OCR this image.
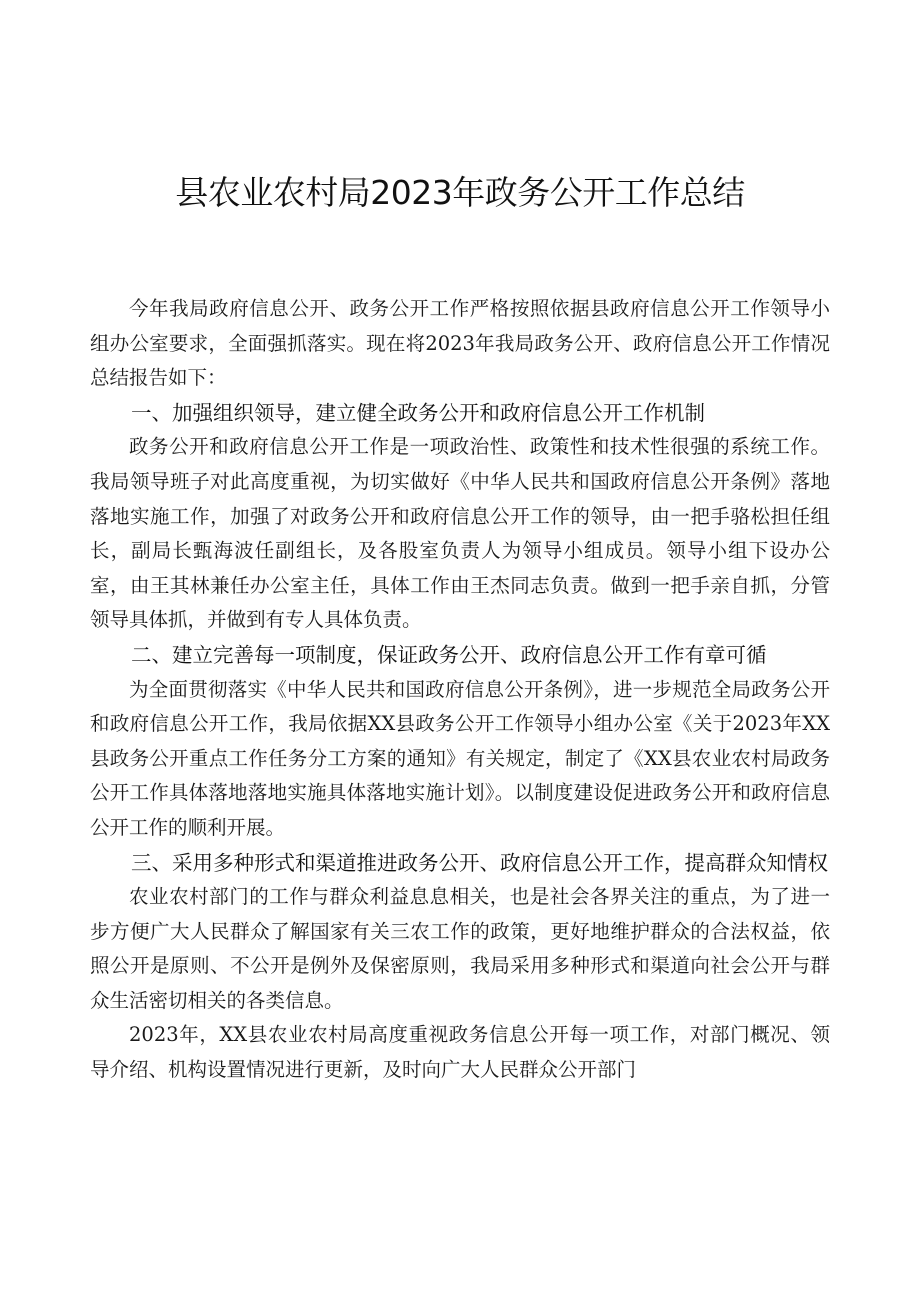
县农业农村局2023年政务公开工作总结

今年我局政府信息公开、政务公开工作严格按照依据县政府信息公开工作领导小组办公室要求，全面强抓落实。现在将2023年我局政务公开、政府信息公开工作情况总结报告如下：

一、加强组织领导，建立健全政务公开和政府信息公开工作机制

政务公开和政府信息公开工作是一项政治性、政策性和技术性很强的系统工作。我局领导班子对此高度重视，为切实做好《中华人民共和国政府信息公开条例》落地落地实施工作，加强了对政务公开和政府信息公开工作的领导，由一把手骆松担任组长，副局长甄海波任副组长，及各股室负责人为领导小组成员。领导小组下设办公室，由王其林兼任办公室主任，具体工作由王杰同志负责。做到一把手亲自抓，分管领导具体抓，并做到有专人具体负责。

二、建立完善每一项制度，保证政务公开、政府信息公开工作有章可循

为全面贯彻落实《中华人民共和国政府信息公开条例》，进一步规范全局政务公开和政府信息公开工作，我局依据XX县政务公开工作领导小组办公室《关于2023年XX县政务公开重点工作任务分工方案的通知》有关规定，制定了《XX县农业农村局政务公开工作具体落地落地实施具体落地实施计划》。以制度建设促进政务公开和政府信息公开工作的顺利开展。

三、采用多种形式和渠道推进政务公开、政府信息公开工作，提高群众知情权

农业农村部门的工作与群众利益息息相关，也是社会各界关注的重点，为了进一步方便广大人民群众了解国家有关三农工作的政策，更好地维护群众的合法权益，依照公开是原则、不公开是例外及保密原则，我局采用多种形式和渠道向社会公开与群众生活密切相关的各类信息。

2023年，XX县农业农村局高度重视政务信息公开每一项工作，对部门概况、领导介绍、机构设置情况进行更新，及时向广大人民群众公开部门
